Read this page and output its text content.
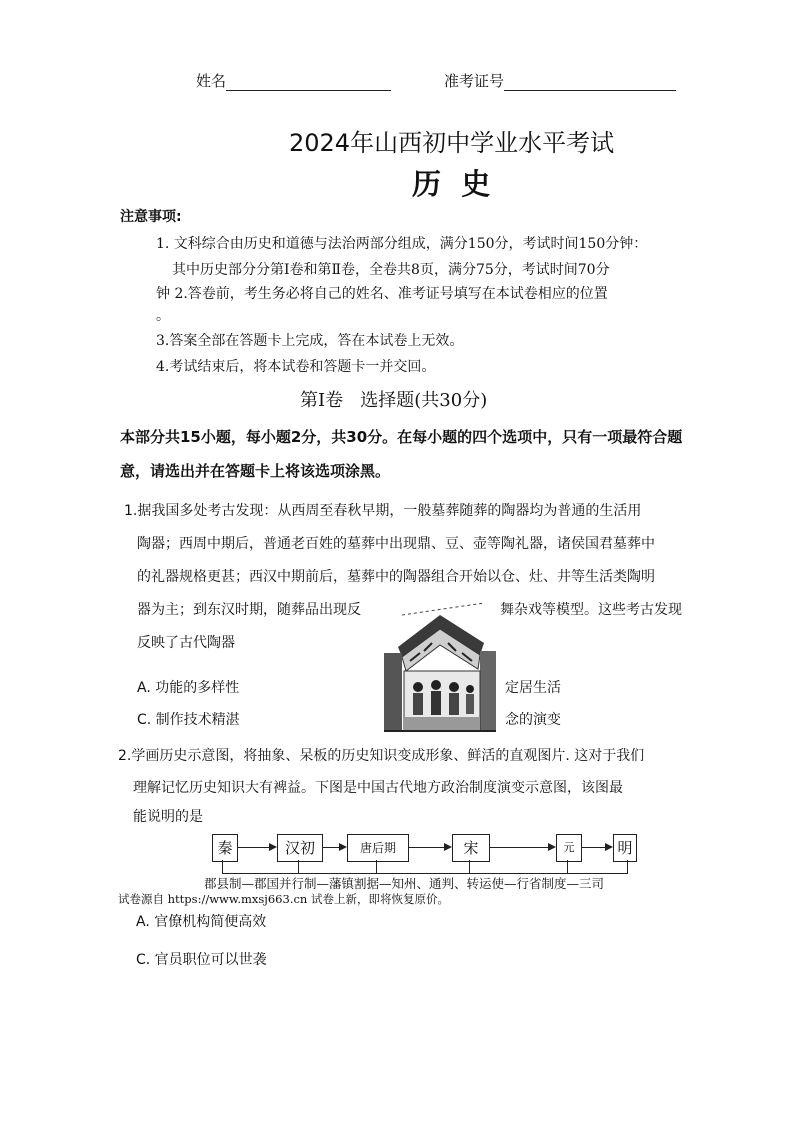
姓名	准考证号
2024年山西初中学业水平考试
历  史
注意事项:
1. 文科综合由历史和道德与法治两部分组成，满分150分，考试时间150分钟：
其中历史部分分第Ⅰ卷和第Ⅱ卷，全卷共8页，满分75分，考试时间70分
钟 2.答卷前，考生务必将自己的姓名、准考证号填写在本试卷相应的位置
。
3.答案全部在答题卡上完成，答在本试卷上无效。
4.考试结束后，将本试卷和答题卡一并交回。
第Ⅰ卷   选择题(共30分)
本部分共15小题，每小题2分，共30分。在每小题的四个选项中，只有一项最符合题
意，请选出并在答题卡上将该选项涂黑。
1.据我国多处考古发现：从西周至春秋早期，一般墓葬随葬的陶器均为普通的生活用
陶器；西周中期后，普通老百姓的墓葬中出现鼎、豆、壶等陶礼器，诸侯国君墓葬中
的礼器规格更甚；西汉中期前后，墓葬中的陶器组合开始以仓、灶、井等生活类陶明
器为主；到东汉时期，随葬品出现反	舞杂戏等模型。这些考古发现
反映了古代陶器
A. 功能的多样性	定居生活
C. 制作技术精湛	念的演变
2.学画历史示意图，将抽象、呆板的历史知识变成形象、鲜活的直观图片. 这对于我们
理解记忆历史知识大有裨益。下图是中国古代地方政治制度演变示意图，该图最
能说明的是
秦	汉初	唐后期	宋	元	明
郡县制—郡国并行制—藩镇割据—知州、通判、转运使—行省制度—三司
试卷源自 https://www.mxsj663.cn 试卷上新，即将恢复原价。
A. 官僚机构简便高效
C. 官员职位可以世袭
